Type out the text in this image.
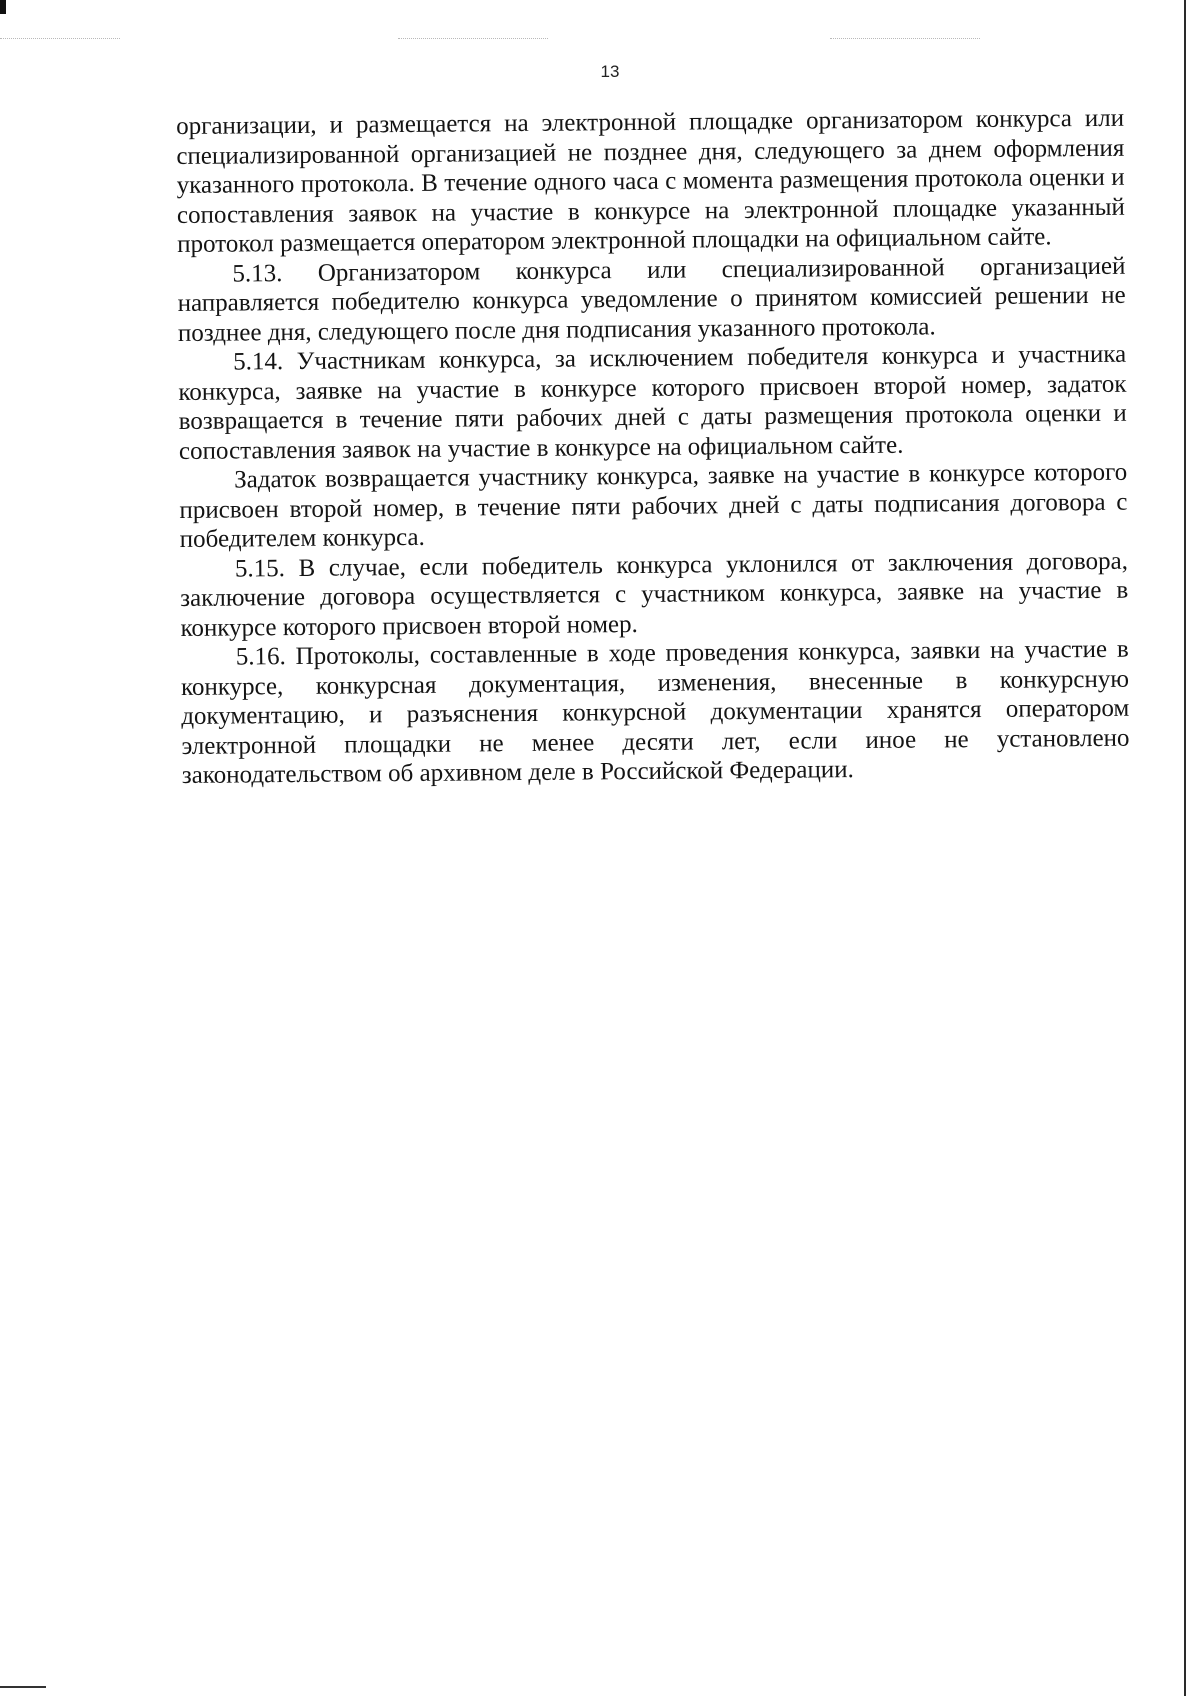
13

организации, и размещается на электронной площадке организатором конкурса или специализированной организацией не позднее дня, следующего за днем оформления указанного протокола. В течение одного часа с момента размещения протокола оценки и сопоставления заявок на участие в конкурсе на электронной площадке указанный протокол размещается оператором электронной площадки на официальном сайте.

5.13. Организатором конкурса или специализированной организацией направляется победителю конкурса уведомление о принятом комиссией решении не позднее дня, следующего после дня подписания указанного протокола.

5.14. Участникам конкурса, за исключением победителя конкурса и участника конкурса, заявке на участие в конкурсе которого присвоен второй номер, задаток возвращается в течение пяти рабочих дней с даты размещения протокола оценки и сопоставления заявок на участие в конкурсе на официальном сайте.

Задаток возвращается участнику конкурса, заявке на участие в конкурсе которого присвоен второй номер, в течение пяти рабочих дней с даты подписания договора с победителем конкурса.

5.15. В случае, если победитель конкурса уклонился от заключения договора, заключение договора осуществляется с участником конкурса, заявке на участие в конкурсе которого присвоен второй номер.

5.16. Протоколы, составленные в ходе проведения конкурса, заявки на участие в конкурсе, конкурсная документация, изменения, внесенные в конкурсную документацию, и разъяснения конкурсной документации хранятся оператором электронной площадки не менее десяти лет, если иное не установлено законодательством об архивном деле в Российской Федерации.
